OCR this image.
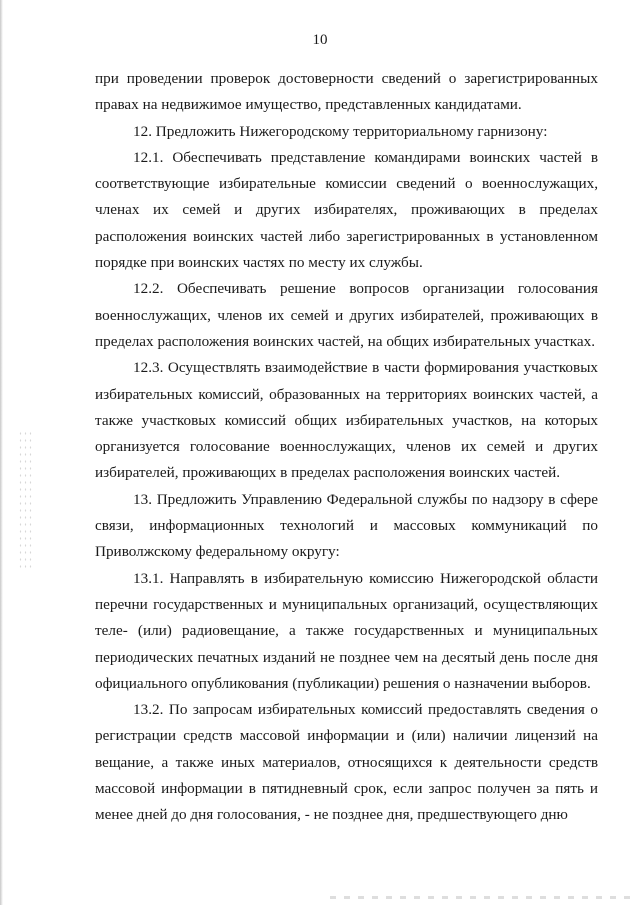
10

при проведении проверок достоверности сведений о зарегистрированных правах на недвижимое имущество, представленных кандидатами.

12. Предложить Нижегородскому территориальному гарнизону:

12.1. Обеспечивать представление командирами воинских частей в соответствующие избирательные комиссии сведений о военнослужащих, членах их семей и других избирателях, проживающих в пределах расположения воинских частей либо зарегистрированных в установленном порядке при воинских частях по месту их службы.

12.2. Обеспечивать решение вопросов организации голосования военнослужащих, членов их семей и других избирателей, проживающих в пределах расположения воинских частей, на общих избирательных участках.

12.3. Осуществлять взаимодействие в части формирования участковых избирательных комиссий, образованных на территориях воинских частей, а также участковых комиссий общих избирательных участков, на которых организуется голосование военнослужащих, членов их семей и других избирателей, проживающих в пределах расположения воинских частей.

13. Предложить Управлению Федеральной службы по надзору в сфере связи, информационных технологий и массовых коммуникаций по Приволжскому федеральному округу:

13.1. Направлять в избирательную комиссию Нижегородской области перечни государственных и муниципальных организаций, осуществляющих теле- (или) радиовещание, а также государственных и муниципальных периодических печатных изданий не позднее чем на десятый день после дня официального опубликования (публикации) решения о назначении выборов.

13.2. По запросам избирательных комиссий предоставлять сведения о регистрации средств массовой информации и (или) наличии лицензий на вещание, а также иных материалов, относящихся к деятельности средств массовой информации в пятидневный срок, если запрос получен за пять и менее дней до дня голосования, - не позднее дня, предшествующего дню
